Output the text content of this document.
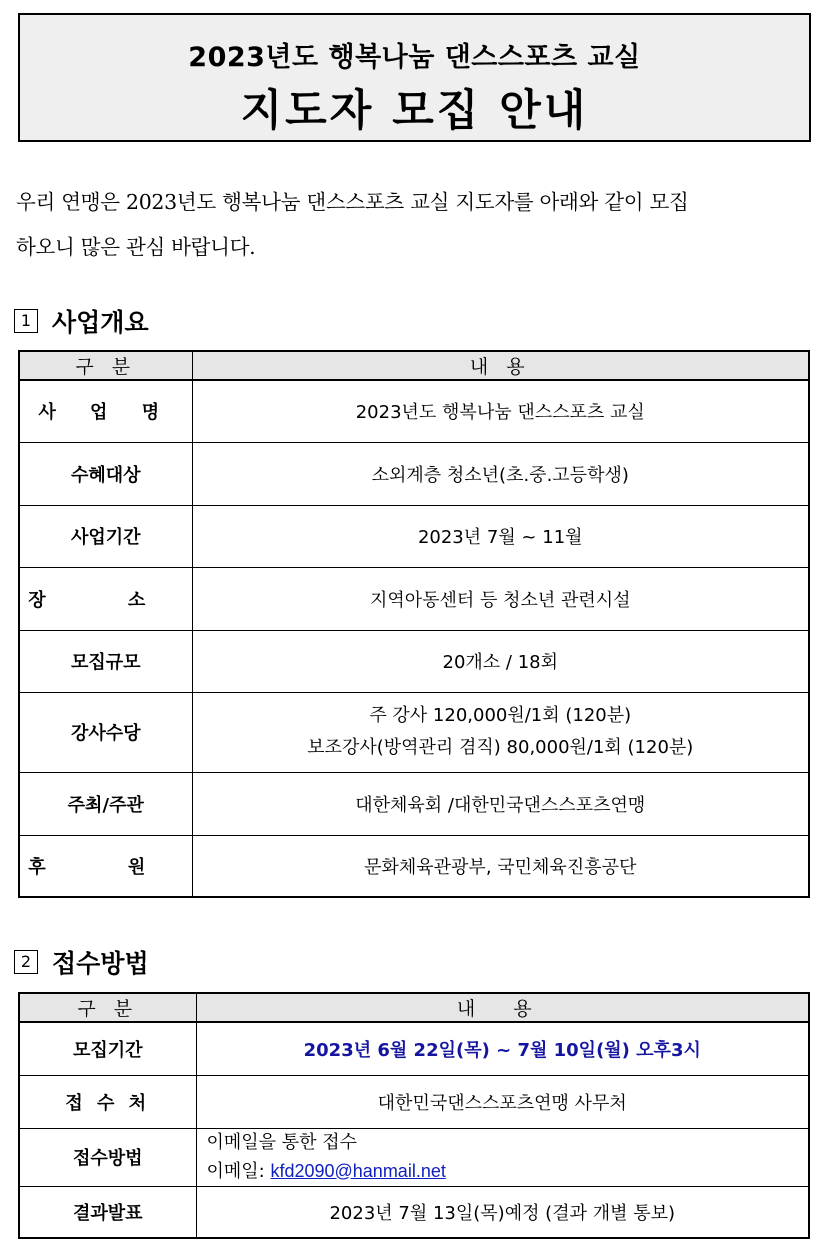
2023년도 행복나눔 댄스스포츠 교실
지도자 모집 안내
우리 연맹은 2023년도 행복나눔 댄스스포츠 교실 지도자를 아래와 같이 모집
하오니 많은 관심 바랍니다.
1 사업개요
구 분	내 용
사 업 명	2023년도 행복나눔 댄스스포츠 교실
수혜대상	소외계층 청소년(초.중.고등학생)
사업기간	2023년 7월 ~ 11월
장 소	지역아동센터 등 청소년 관련시설
모집규모	20개소 / 18회
강사수당	주 강사 120,000원/1회 (120분)
보조강사(방역관리 겸직) 80,000원/1회 (120분)

주최/주관	대한체육회 /대한민국댄스스포츠연맹
후 원	문화체육관광부, 국민체육진흥공단
2 접수방법
구 분	내 용
모집기간	2023년 6월 22일(목) ~ 7월 10일(월) 오후3시
접 수 처	대한민국댄스스포츠연맹 사무처
접수방법	이메일을 통한 접수
이메일: kfd2090@hanmail.net

결과발표	2023년 7월 13일(목)예정 (결과 개별 통보)
